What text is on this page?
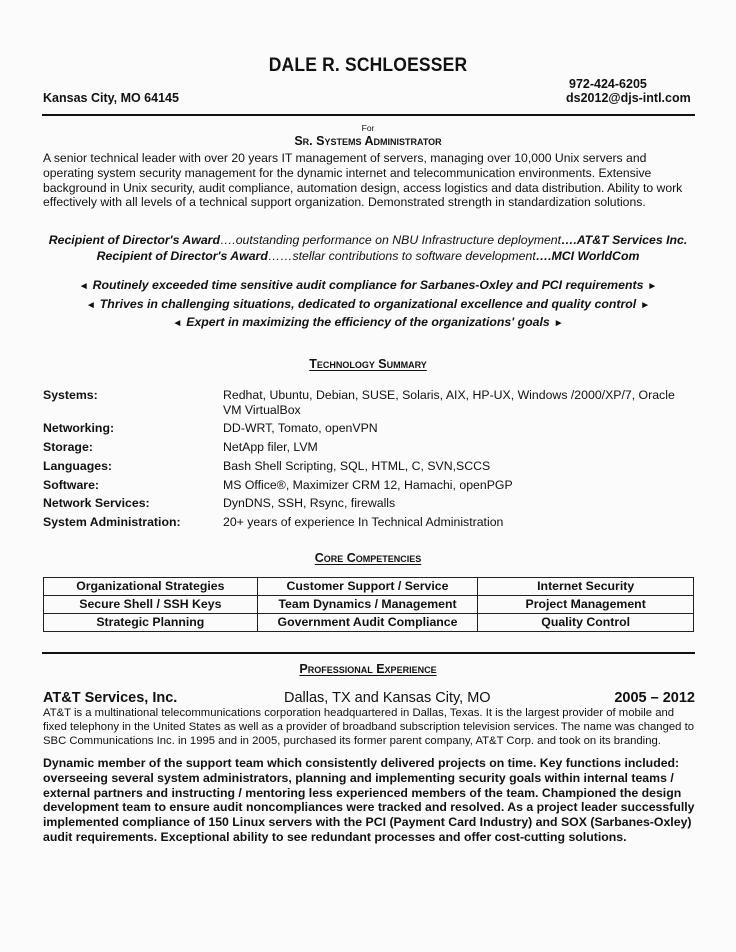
DALE R. SCHLOESSER
Kansas City, MO 64145
972-424-6205
ds2012@djs-intl.com
For
Sr. Systems Administrator
A senior technical leader with over 20 years IT management of servers, managing over 10,000 Unix servers and
operating system security management for the dynamic internet and telecommunication environments. Extensive
background in Unix security, audit compliance, automation design, access logistics and data distribution. Ability to work
effectively with all levels of a technical support organization. Demonstrated strength in standardization solutions.
Recipient of Director's Award….outstanding performance on NBU Infrastructure deployment….AT&T Services Inc.
Recipient of Director's Award……stellar contributions to software development….MCI WorldCom
◄ Routinely exceeded time sensitive audit compliance for Sarbanes-Oxley and PCI requirements ►
◄ Thrives in challenging situations, dedicated to organizational excellence and quality control ►
◄ Expert in maximizing the efficiency of the organizations' goals ►
Technology Summary
Systems:	Redhat, Ubuntu, Debian, SUSE, Solaris, AIX, HP-UX, Windows /2000/XP/7, Oracle VM VirtualBox
Networking:	DD-WRT, Tomato, openVPN
Storage:	NetApp filer, LVM
Languages:	Bash Shell Scripting, SQL, HTML, C, SVN,SCCS
Software:	MS Office®, Maximizer CRM 12, Hamachi, openPGP
Network Services:	DynDNS, SSH, Rsync, firewalls
System Administration:	20+ years of experience In Technical Administration
Core Competencies
Organizational Strategies	Customer Support / Service	Internet Security
Secure Shell / SSH Keys	Team Dynamics / Management	Project Management
Strategic Planning	Government Audit Compliance	Quality Control
Professional Experience
AT&T Services, Inc.	Dallas, TX and Kansas City, MO	2005 – 2012
AT&T is a multinational telecommunications corporation headquartered in Dallas, Texas. It is the largest provider of mobile and
fixed telephony in the United States as well as a provider of broadband subscription television services. The name was changed to
SBC Communications Inc. in 1995 and in 2005, purchased its former parent company, AT&T Corp. and took on its branding.
Dynamic member of the support team which consistently delivered projects on time. Key functions included:
overseeing several system administrators, planning and implementing security goals within internal teams /
external partners and instructing / mentoring less experienced members of the team. Championed the design
development team to ensure audit noncompliances were tracked and resolved. As a project leader successfully
implemented compliance of 150 Linux servers with the PCI (Payment Card Industry) and SOX (Sarbanes-Oxley)
audit requirements. Exceptional ability to see redundant processes and offer cost-cutting solutions.
